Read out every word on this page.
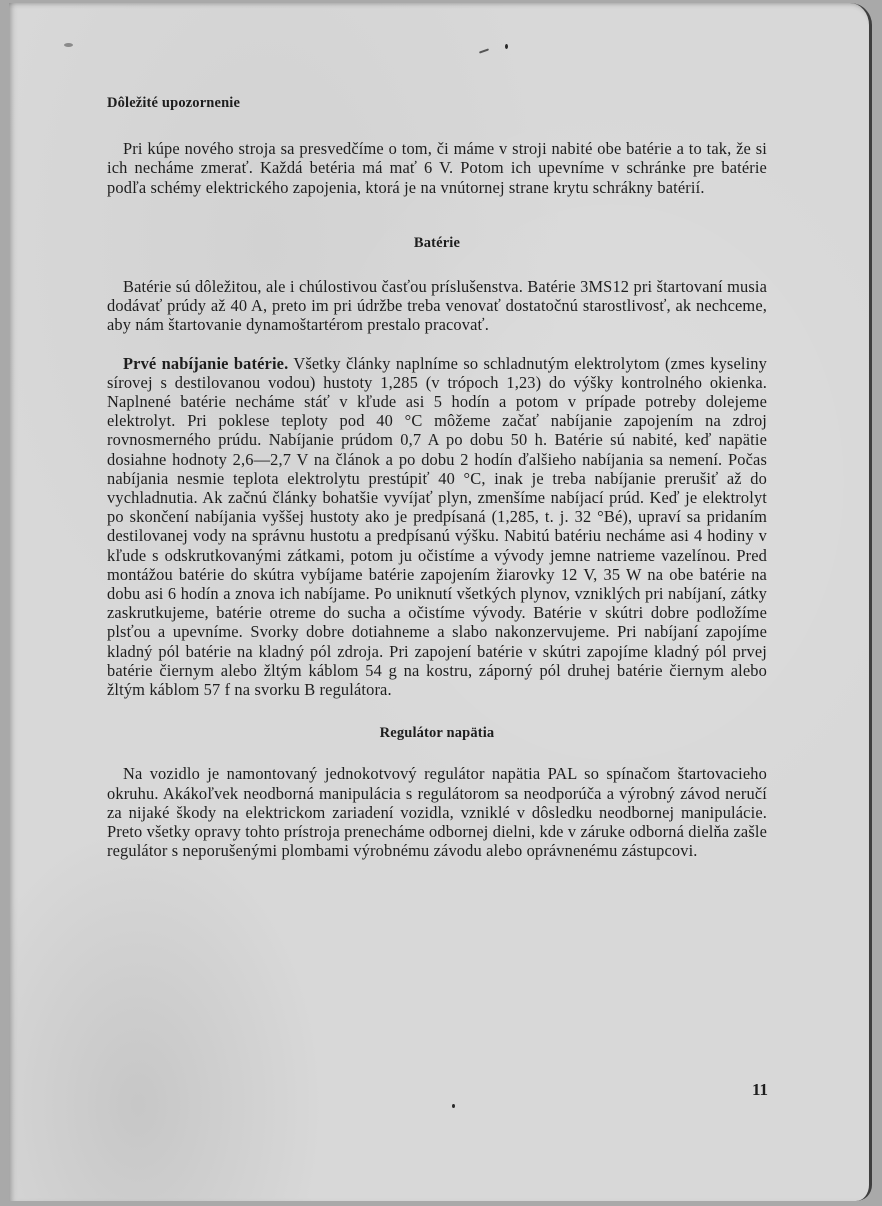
Dôležité upozornenie

Pri kúpe nového stroja sa presvedčíme o tom, či máme v stroji nabité obe batérie a to tak, že si ich necháme zmerať. Každá betéria má mať 6 V. Potom ich upevníme v schránke pre batérie podľa schémy elektrického zapojenia, ktorá je na vnútornej strane krytu schrákny batérií.

Batérie

Batérie sú dôležitou, ale i chúlostivou časťou príslušenstva. Batérie 3MS12 pri štartovaní musia dodávať prúdy až 40 A, preto im pri údržbe treba venovať dostatočnú starostlivosť, ak nechceme, aby nám štartovanie dynamoštartérom prestalo pracovať.

Prvé nabíjanie batérie. Všetky články naplníme so schladnutým elektrolytom (zmes kyseliny sírovej s destilovanou vodou) hustoty 1,285 (v trópoch 1,23) do výšky kontrolného okienka. Naplnené batérie necháme stáť v kľude asi 5 hodín a potom v prípade potreby dolejeme elektrolyt. Pri poklese teploty pod 40 °C môžeme začať nabíjanie zapojením na zdroj rovnosmerného prúdu. Nabíjanie prúdom 0,7 A po dobu 50 h. Batérie sú nabité, keď napätie dosiahne hodnoty 2,6—2,7 V na článok a po dobu 2 hodín ďalšieho nabíjania sa nemení. Počas nabíjania nesmie teplota elektrolytu prestúpiť 40 °C, inak je treba nabíjanie prerušiť až do vychladnutia. Ak začnú články bohatšie vyvíjať plyn, zmenšíme nabíjací prúd. Keď je elektrolyt po skončení nabíjania vyššej hustoty ako je predpísaná (1,285, t. j. 32 °Bé), upraví sa pridaním destilovanej vody na správnu hustotu a predpísanú výšku. Nabitú batériu necháme asi 4 hodiny v kľude s odskrutkovanými zátkami, potom ju očistíme a vývody jemne natrieme vazelínou. Pred montážou batérie do skútra vybíjame batérie zapojením žiarovky 12 V, 35 W na obe batérie na dobu asi 6 hodín a znova ich nabíjame. Po uniknutí všetkých plynov, vzniklých pri nabíjaní, zátky zaskrutkujeme, batérie otreme do sucha a očistíme vývody. Batérie v skútri dobre podložíme plsťou a upevníme. Svorky dobre dotiahneme a slabo nakonzervujeme. Pri nabíjaní zapojíme kladný pól batérie na kladný pól zdroja. Pri zapojení batérie v skútri zapojíme kladný pól prvej batérie čiernym alebo žltým káblom 54 g na kostru, záporný pól druhej batérie čiernym alebo žltým káblom 57 f na svorku B regulátora.

Regulátor napätia

Na vozidlo je namontovaný jednokotvový regulátor napätia PAL so spínačom štartovacieho okruhu. Akákoľvek neodborná manipulácia s regulátorom sa neodporúča a výrobný závod neručí za nijaké škody na elektrickom zariadení vozidla, vzniklé v dôsledku neodbornej manipulácie. Preto všetky opravy tohto prístroja prenecháme odbornej dielni, kde v záruke odborná dielňa zašle regulátor s neporušenými plombami výrobnému závodu alebo oprávnenému zástupcovi.

11
